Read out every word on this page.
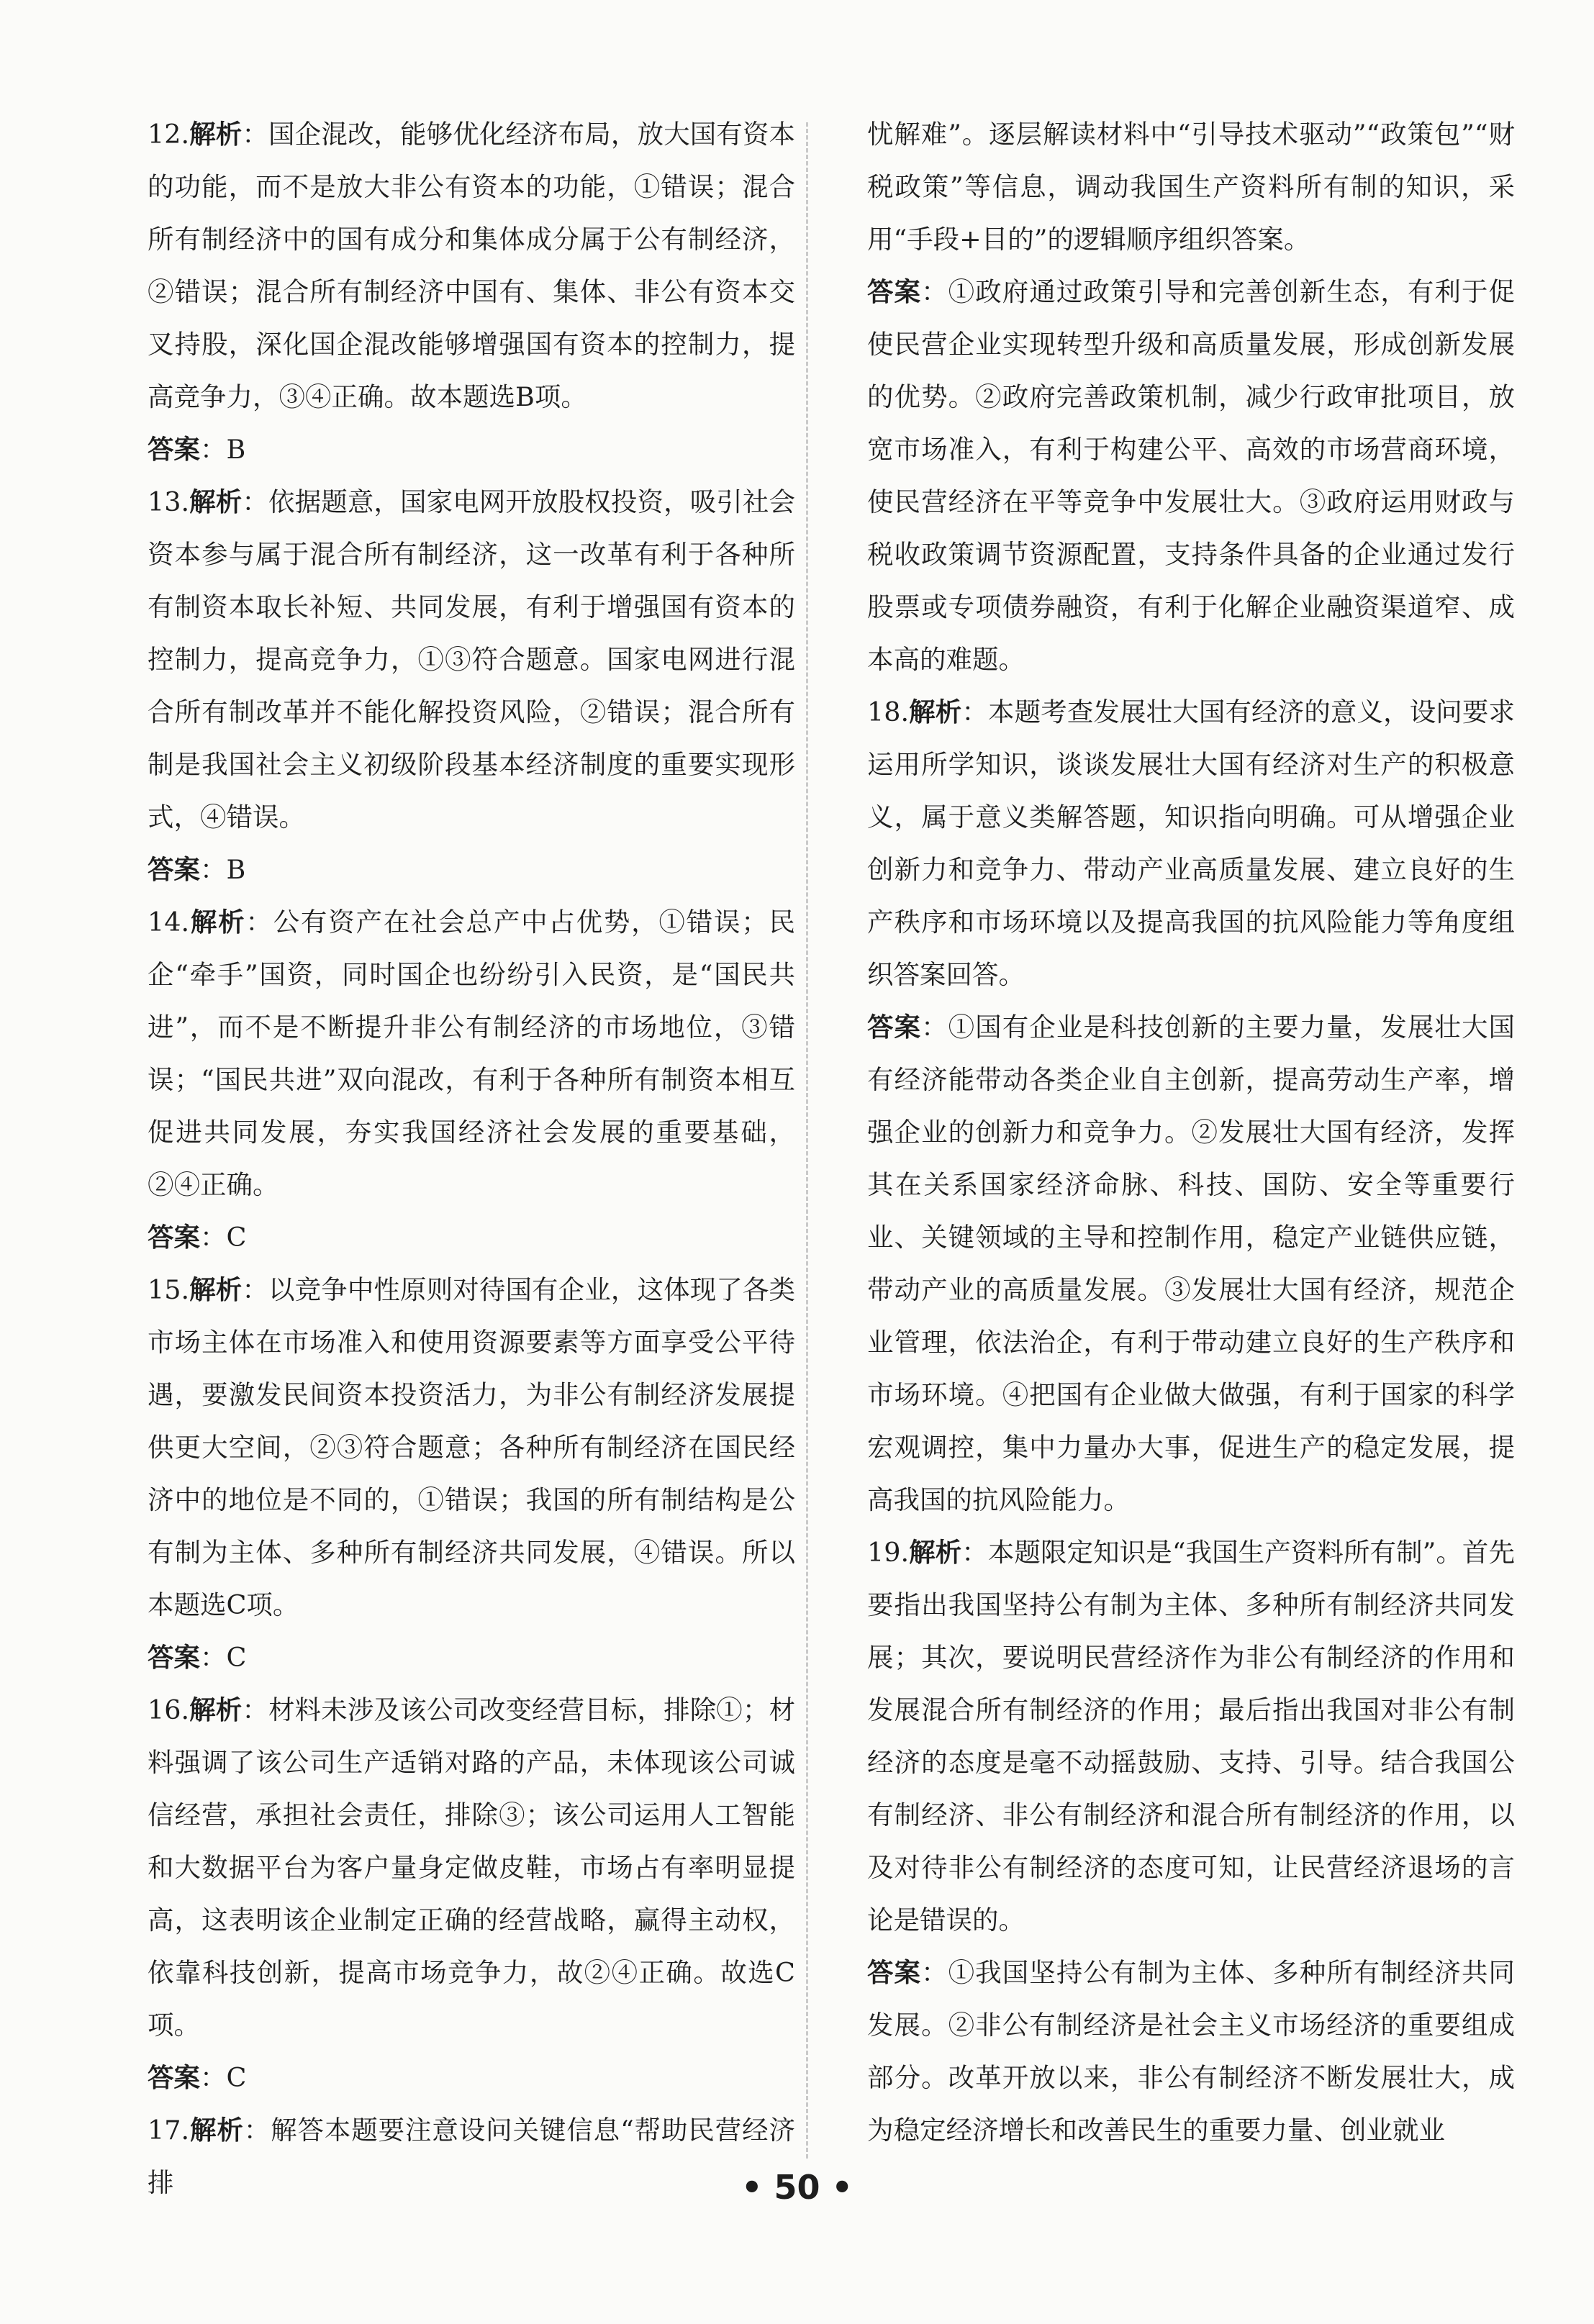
12.解析：国企混改，能够优化经济布局，放大国有资本的功能，而不是放大非公有资本的功能，①错误；混合所有制经济中的国有成分和集体成分属于公有制经济，②错误；混合所有制经济中国有、集体、非公有资本交叉持股，深化国企混改能够增强国有资本的控制力，提高竞争力，③④正确。故本题选B项。

答案：B

13.解析：依据题意，国家电网开放股权投资，吸引社会资本参与属于混合所有制经济，这一改革有利于各种所有制资本取长补短、共同发展，有利于增强国有资本的控制力，提高竞争力，①③符合题意。国家电网进行混合所有制改革并不能化解投资风险，②错误；混合所有制是我国社会主义初级阶段基本经济制度的重要实现形式，④错误。

答案：B

14.解析：公有资产在社会总产中占优势，①错误；民企“牵手”国资，同时国企也纷纷引入民资，是“国民共进”，而不是不断提升非公有制经济的市场地位，③错误；“国民共进”双向混改，有利于各种所有制资本相互促进共同发展，夯实我国经济社会发展的重要基础，②④正确。

答案：C

15.解析：以竞争中性原则对待国有企业，这体现了各类市场主体在市场准入和使用资源要素等方面享受公平待遇，要激发民间资本投资活力，为非公有制经济发展提供更大空间，②③符合题意；各种所有制经济在国民经济中的地位是不同的，①错误；我国的所有制结构是公有制为主体、多种所有制经济共同发展，④错误。所以本题选C项。

答案：C

16.解析：材料未涉及该公司改变经营目标，排除①；材料强调了该公司生产适销对路的产品，未体现该公司诚信经营，承担社会责任，排除③；该公司运用人工智能和大数据平台为客户量身定做皮鞋，市场占有率明显提高，这表明该企业制定正确的经营战略，赢得主动权，依靠科技创新，提高市场竞争力，故②④正确。故选C项。

答案：C

17.解析：解答本题要注意设问关键信息“帮助民营经济排

忧解难”。逐层解读材料中“引导技术驱动”“政策包”“财税政策”等信息，调动我国生产资料所有制的知识，采用“手段+目的”的逻辑顺序组织答案。

答案：①政府通过政策引导和完善创新生态，有利于促使民营企业实现转型升级和高质量发展，形成创新发展的优势。②政府完善政策机制，减少行政审批项目，放宽市场准入，有利于构建公平、高效的市场营商环境，使民营经济在平等竞争中发展壮大。③政府运用财政与税收政策调节资源配置，支持条件具备的企业通过发行股票或专项债券融资，有利于化解企业融资渠道窄、成本高的难题。

18.解析：本题考查发展壮大国有经济的意义，设问要求运用所学知识，谈谈发展壮大国有经济对生产的积极意义，属于意义类解答题，知识指向明确。可从增强企业创新力和竞争力、带动产业高质量发展、建立良好的生产秩序和市场环境以及提高我国的抗风险能力等角度组织答案回答。

答案：①国有企业是科技创新的主要力量，发展壮大国有经济能带动各类企业自主创新，提高劳动生产率，增强企业的创新力和竞争力。②发展壮大国有经济，发挥其在关系国家经济命脉、科技、国防、安全等重要行业、关键领域的主导和控制作用，稳定产业链供应链，带动产业的高质量发展。③发展壮大国有经济，规范企业管理，依法治企，有利于带动建立良好的生产秩序和市场环境。④把国有企业做大做强，有利于国家的科学宏观调控，集中力量办大事，促进生产的稳定发展，提高我国的抗风险能力。

19.解析：本题限定知识是“我国生产资料所有制”。首先要指出我国坚持公有制为主体、多种所有制经济共同发展；其次，要说明民营经济作为非公有制经济的作用和发展混合所有制经济的作用；最后指出我国对非公有制经济的态度是毫不动摇鼓励、支持、引导。结合我国公有制经济、非公有制经济和混合所有制经济的作用，以及对待非公有制经济的态度可知，让民营经济退场的言论是错误的。

答案：①我国坚持公有制为主体、多种所有制经济共同发展。②非公有制经济是社会主义市场经济的重要组成部分。改革开放以来，非公有制经济不断发展壮大，成为稳定经济增长和改善民生的重要力量、创业就业

• 50 •
